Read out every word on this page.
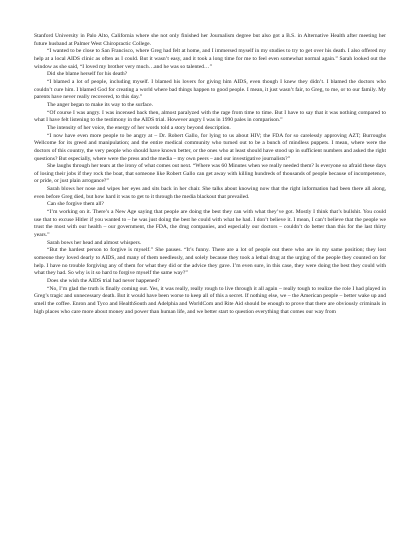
Stanford University in Palo Alto, California where she not only finished her Journalism degree but also got a B.S. in Alternative Health after meeting her future husband at Palmer West Chiropractic College.

“I wanted to be close to San Francisco, where Greg had felt at home, and I immersed myself in my studies to try to get over his death. I also offered my help at a local AIDS clinic as often as I could. But it wasn’t easy, and it took a long time for me to feel even somewhat normal again.” Sarah looked out the window as she said, “I loved my brother very much…and he was so talented…”

Did she blame herself for his death?

“I blamed a lot of people, including myself. I blamed his lovers for giving him AIDS, even though I knew they didn’t. I blamed the doctors who couldn’t cure him. I blamed God for creating a world where bad things happen to good people. I mean, it just wasn’t fair, to Greg, to me, or to our family. My parents have never really recovered, to this day.”

The anger began to make its way to the surface.

“Of course I was angry. I was incensed back then, almost paralyzed with the rage from time to time. But I have to say that it was nothing compared to what I have felt listening to the testimony in the AIDS trial. However angry I was in 1990 pales in comparison.”

The intensity of her voice, the energy of her words told a story beyond description.

“I now have even more people to be angry at – Dr. Robert Gallo, for lying to us about HIV; the FDA for so carelessly approving AZT; Burroughs Wellcome for its greed and manipulation; and the entire medical community who turned out to be a bunch of mindless puppets. I mean, where were the doctors of this country, the very people who should have known better, or the ones who at least should have stood up in sufficient numbers and asked the right questions? But especially, where were the press and the media – my own peers – and our investigative journalists?”

She laughs through her tears at the irony of what comes out next. “Where was 60 Minutes when we really needed them? Is everyone so afraid these days of losing their jobs if they rock the boat, that someone like Robert Gallo can get away with killing hundreds of thousands of people because of incompetence, or pride, or just plain arrogance?”

Sarah blows her nose and wipes her eyes and sits back in her chair. She talks about knowing now that the right information had been there all along, even before Greg died, but how hard it was to get to it through the media blackout that prevailed.

Can she forgive them all?

“I’m working on it. There’s a New Age saying that people are doing the best they can with what they’ve got. Mostly I think that’s bullshit. You could use that to excuse Hitler if you wanted to – he was just doing the best he could with what he had. I don’t believe it. I mean, I can’t believe that the people we trust the most with our health – our government, the FDA, the drug companies, and especially our doctors – couldn’t do better than this for the last thirty years.”

Sarah bows her head and almost whispers.

“But the hardest person to forgive is myself.” She pauses. “It’s funny. There are a lot of people out there who are in my same position; they lost someone they loved dearly to AIDS, and many of them needlessly, and solely because they took a lethal drug at the urging of the people they counted on for help. I have no trouble forgiving any of them for what they did or the advice they gave. I’m even sure, in this case, they were doing the best they could with what they had. So why is it so hard to forgive myself the same way?”

Does she wish the AIDS trial had never happened?

“No, I’m glad the truth is finally coming out. Yes, it was really, really rough to live through it all again – really tough to realize the role I had played in Greg’s tragic and unnecessary death. But it would have been worse to keep all of this a secret. If nothing else, we – the American people – better wake up and smell the coffee. Enron and Tyco and HealthSouth and Adelphia and WorldCom and Rite Aid should be enough to prove that there are obviously criminals in high places who care more about money and power than human life, and we better start to question everything that comes our way from
